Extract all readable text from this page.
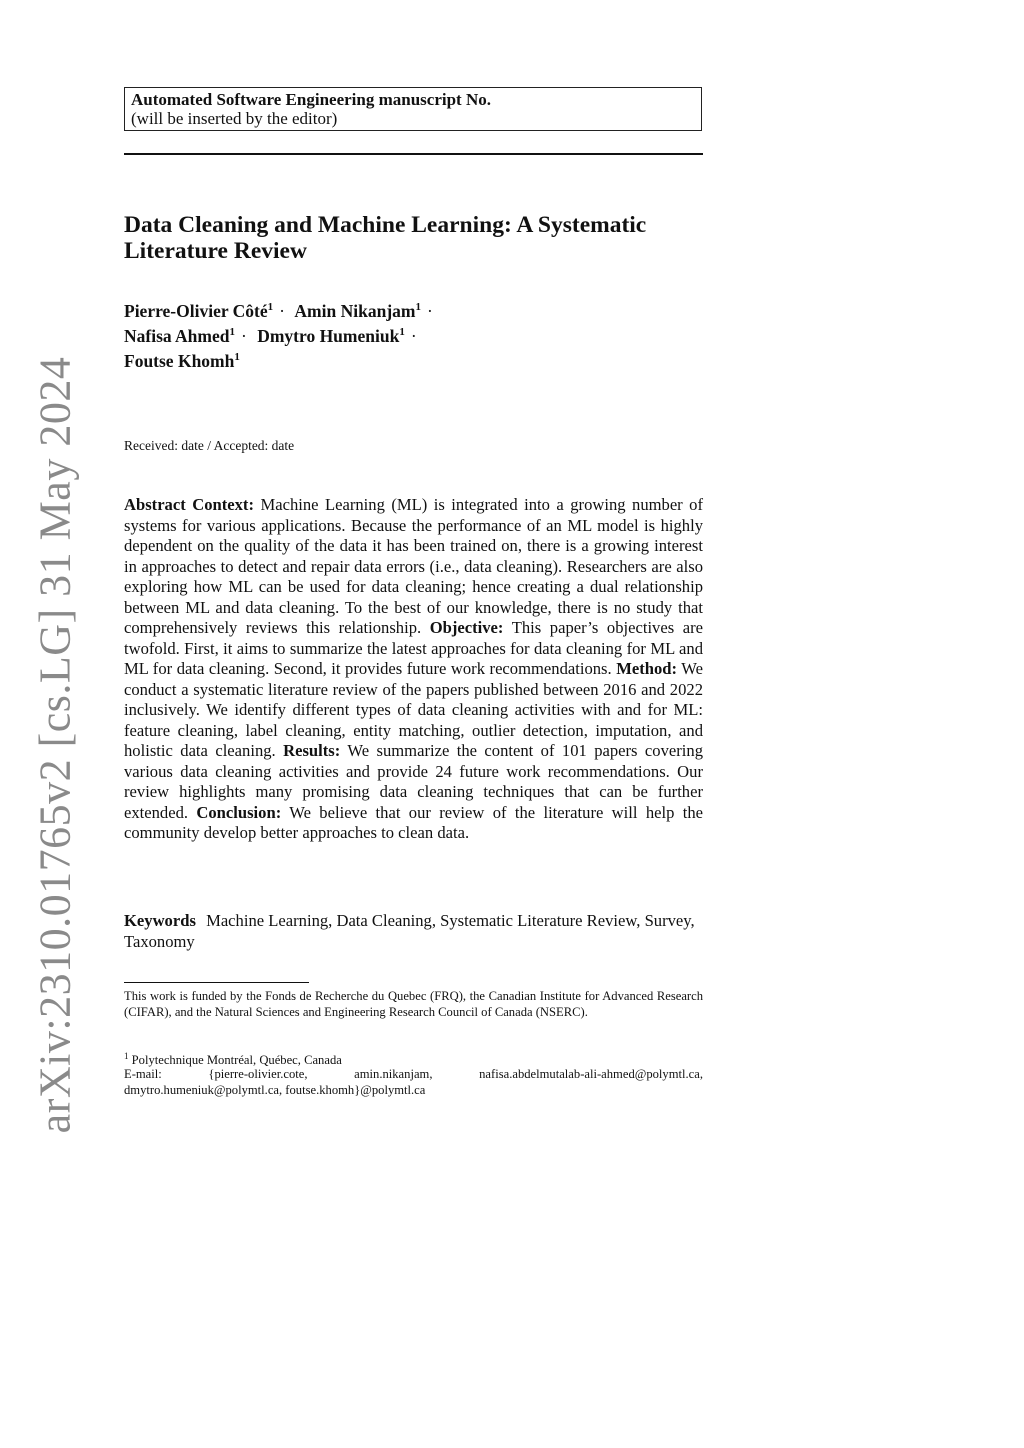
arXiv:2310.01765v2 [cs.LG] 31 May 2024
Automated Software Engineering manuscript No.
(will be inserted by the editor)
Data Cleaning and Machine Learning: A Systematic Literature Review
Pierre-Olivier Côté$^1$ · Amin Nikanjam$^1$ ·
Nafisa Ahmed$^1$ · Dmytro Humeniuk$^1$ ·
Foutse Khomh$^1$
Received: date / Accepted: date

Abstract Context: Machine Learning (ML) is integrated into a growing number of systems for various applications. Because the performance of an ML model is highly dependent on the quality of the data it has been trained on, there is a growing interest in approaches to detect and repair data errors (i.e., data cleaning). Researchers are also exploring how ML can be used for data cleaning; hence creating a dual relationship between ML and data cleaning. To the best of our knowledge, there is no study that comprehensively reviews this relationship. Objective: This paper’s objectives are twofold. First, it aims to summarize the latest approaches for data cleaning for ML and ML for data cleaning. Second, it provides future work recommendations. Method: We conduct a systematic literature review of the papers published between 2016 and 2022 inclusively. We identify different types of data cleaning activities with and for ML: feature cleaning, label cleaning, entity matching, outlier detection, imputation, and holistic data cleaning. Results: We summarize the content of 101 papers covering various data cleaning activities and provide 24 future work recommendations. Our review highlights many promising data cleaning techniques that can be further extended. Conclusion: We believe that our review of the literature will help the community develop better approaches to clean data.

Keywords Machine Learning, Data Cleaning, Systematic Literature Review, Survey, Taxonomy
This work is funded by the Fonds de Recherche du Quebec (FRQ), the Canadian Institute for Advanced Research (CIFAR), and the Natural Sciences and Engineering Research Council of Canada (NSERC).
$^1$ Polytechnique Montréal, Québec, Canada
E-mail: {pierre-olivier.cote, amin.nikanjam, nafisa.abdelmutalab-ali-ahmed@polymtl.ca, dmytro.humeniuk@polymtl.ca, foutse.khomh}@polymtl.ca
